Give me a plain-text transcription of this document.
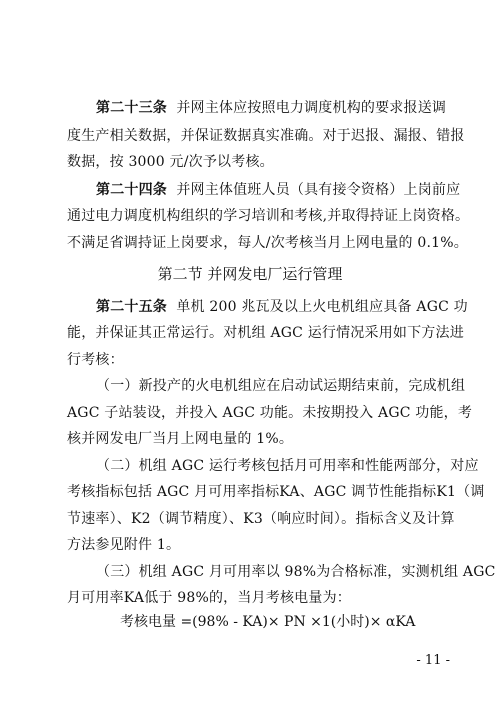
第二十三条 并网主体应按照电力调度机构的要求报送调
度生产相关数据，并保证数据真实准确。对于迟报、漏报、错报
数据，按 3000 元/次予以考核。
第二十四条 并网主体值班人员（具有接令资格）上岗前应
通过电力调度机构组织的学习培训和考核,并取得持证上岗资格。
不满足省调持证上岗要求，每人/次考核当月上网电量的 0.1%。
第二节 并网发电厂运行管理
第二十五条 单机 200 兆瓦及以上火电机组应具备 AGC 功
能，并保证其正常运行。对机组 AGC 运行情况采用如下方法进
行考核：
（一）新投产的火电机组应在启动试运期结束前，完成机组
AGC 子站装设，并投入 AGC 功能。未按期投入 AGC 功能，考
核并网发电厂当月上网电量的 1%。
（二）机组 AGC 运行考核包括月可用率和性能两部分，对应
考核指标包括 AGC 月可用率指标KA、AGC 调节性能指标K1（调
节速率）、K2（调节精度）、K3（响应时间）。指标含义及计算
方法参见附件 1。
（三）机组 AGC 月可用率以 98%为合格标准，实测机组 AGC
月可用率KA低于 98%的，当月考核电量为：
考核电量 =(98% - KA)× PN ×1(小时)× αKA
- 11 -
